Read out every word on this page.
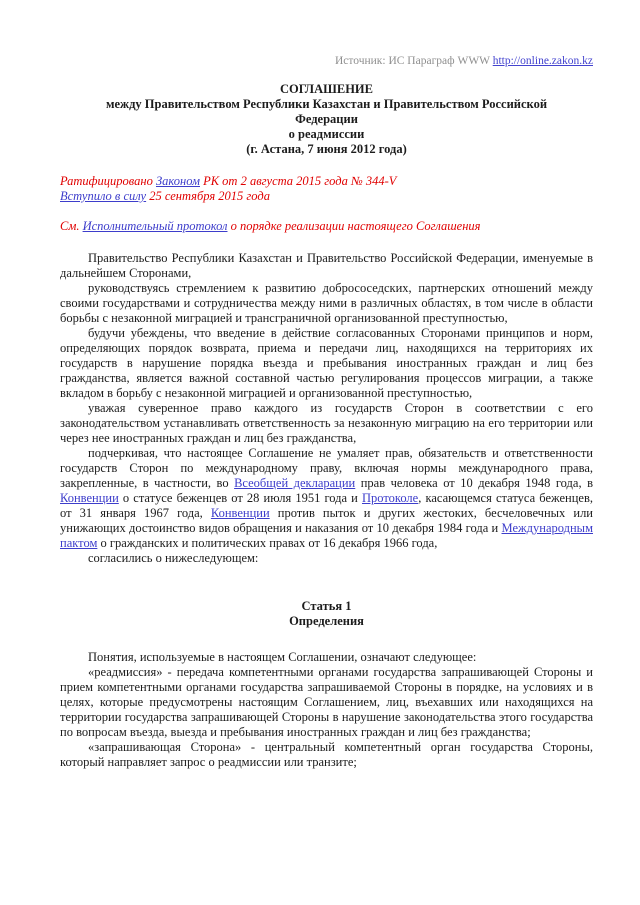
Источник: ИС Параграф WWW http://online.zakon.kz
СОГЛАШЕНИЕ
между Правительством Республики Казахстан и Правительством Российской
Федерации
о реадмиссии
(г. Астана, 7 июня 2012 года)

Ратифицировано Законом РК от 2 августа 2015 года № 344-V

Вступило в силу 25 сентября 2015 года

См. Исполнительный протокол о порядке реализации настоящего Соглашения

Правительство Республики Казахстан и Правительство Российской Федерации, именуемые в дальнейшем Сторонами,

руководствуясь стремлением к развитию добрососедских, партнерских отношений между своими государствами и сотрудничества между ними в различных областях, в том числе в области борьбы с незаконной миграцией и трансграничной организованной преступностью,

будучи убеждены, что введение в действие согласованных Сторонами принципов и норм, определяющих порядок возврата, приема и передачи лиц, находящихся на территориях их государств в нарушение порядка въезда и пребывания иностранных граждан и лиц без гражданства, является важной составной частью регулирования процессов миграции, а также вкладом в борьбу с незаконной миграцией и организованной преступностью,

уважая суверенное право каждого из государств Сторон в соответствии с его законодательством устанавливать ответственность за незаконную миграцию на его территории или через нее иностранных граждан и лиц без гражданства,

подчеркивая, что настоящее Соглашение не умаляет прав, обязательств и ответственности государств Сторон по международному праву, включая нормы международного права, закрепленные, в частности, во Всеобщей декларации прав человека от 10 декабря 1948 года, в Конвенции о статусе беженцев от 28 июля 1951 года и Протоколе, касающемся статуса беженцев, от 31 января 1967 года, Конвенции против пыток и других жестоких, бесчеловечных или унижающих достоинство видов обращения и наказания от 10 декабря 1984 года и Международным пактом о гражданских и политических правах от 16 декабря 1966 года,

согласились о нижеследующем:

Статья 1
Определения

Понятия, используемые в настоящем Соглашении, означают следующее:

«реадмиссия» - передача компетентными органами государства запрашивающей Стороны и прием компетентными органами государства запрашиваемой Стороны в порядке, на условиях и в целях, которые предусмотрены настоящим Соглашением, лиц, въехавших или находящихся на территории государства запрашивающей Стороны в нарушение законодательства этого государства по вопросам въезда, выезда и пребывания иностранных граждан и лиц без гражданства;

«запрашивающая Сторона» - центральный компетентный орган государства Стороны, который направляет запрос о реадмиссии или транзите;
